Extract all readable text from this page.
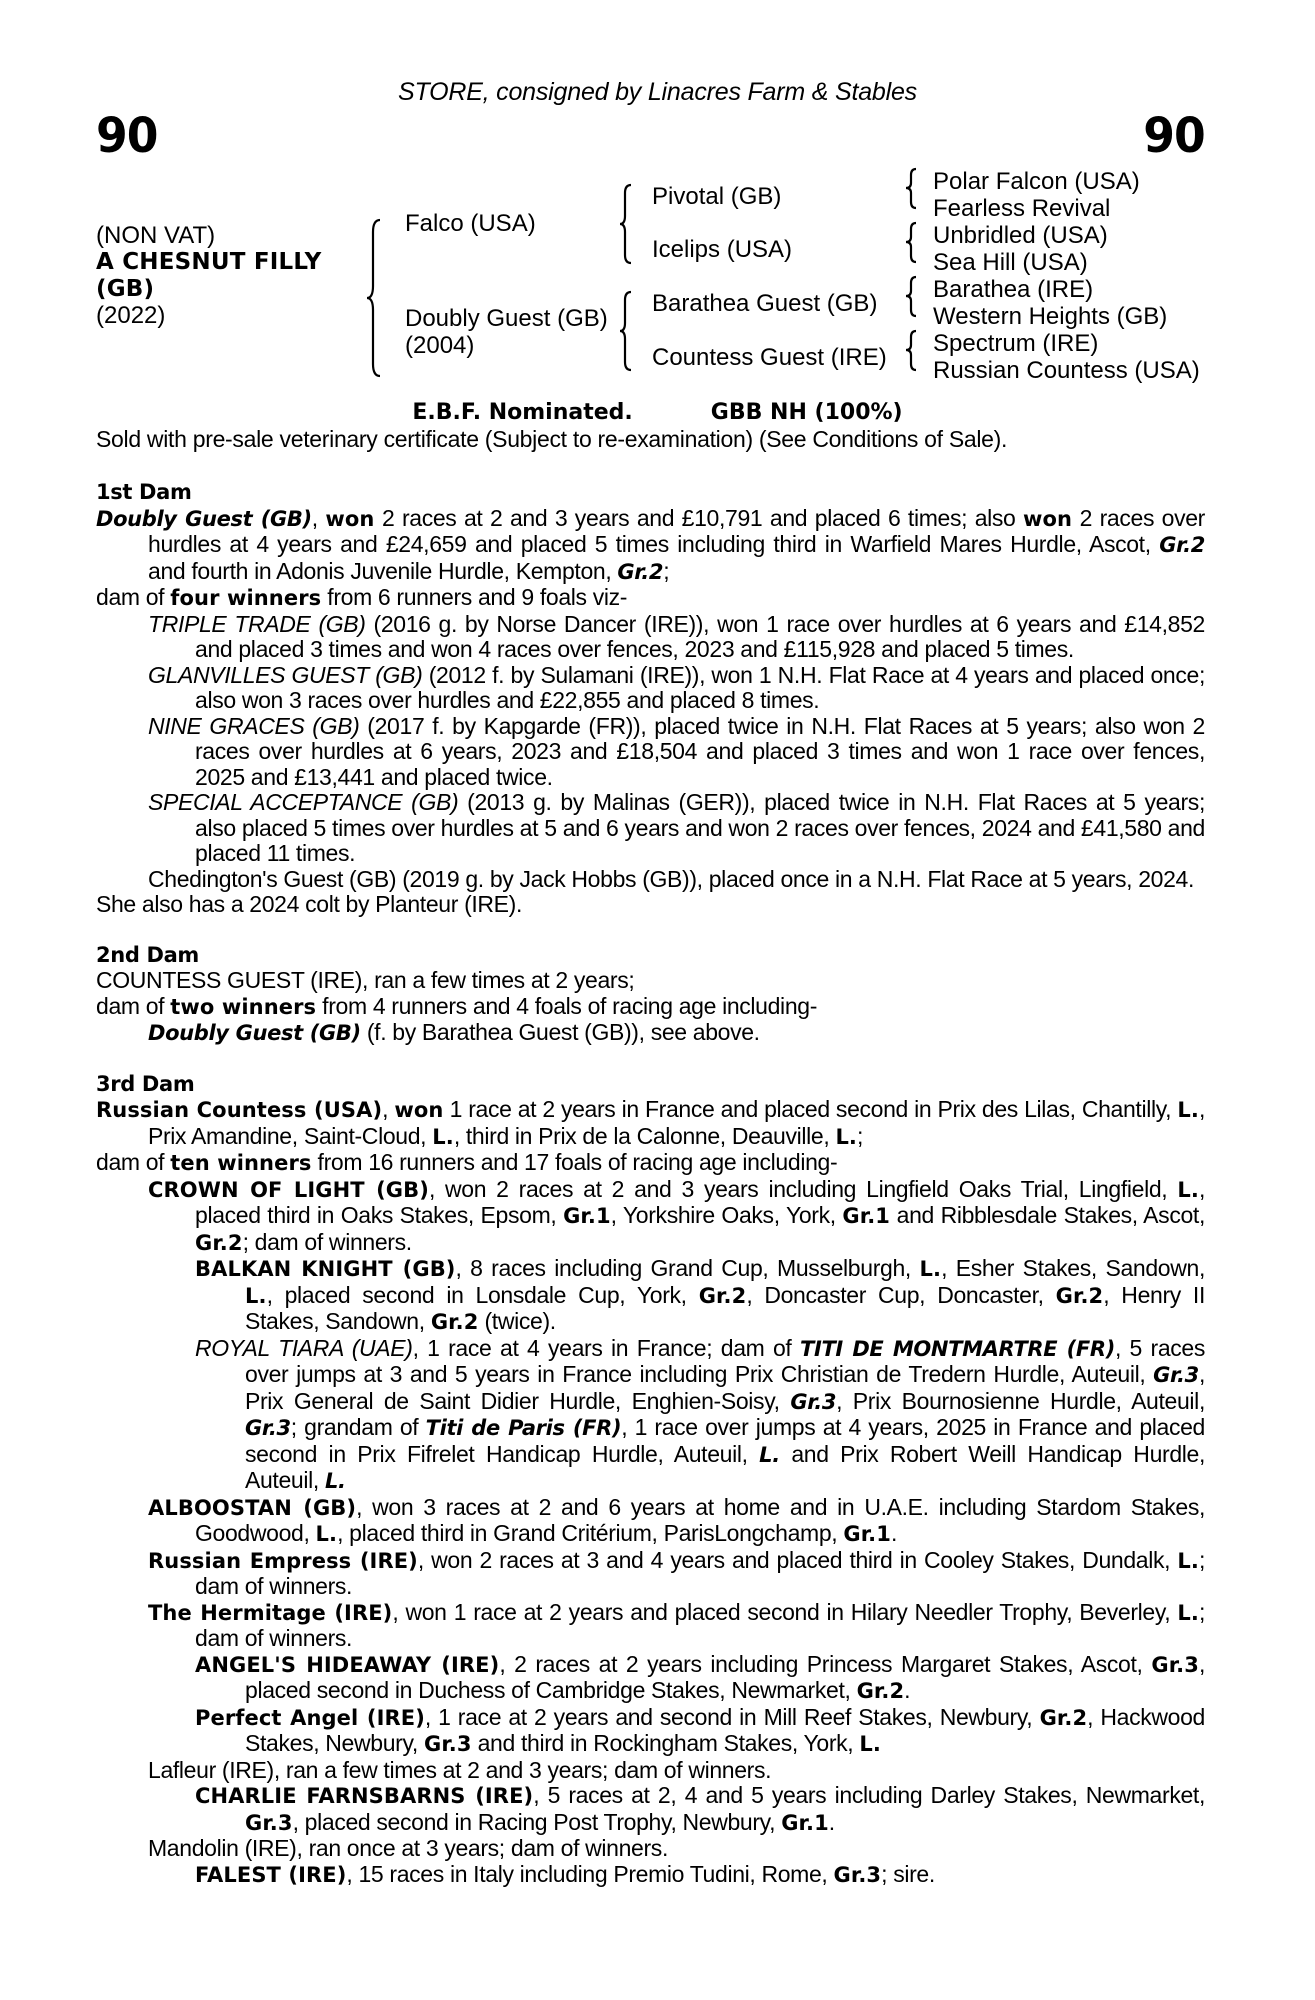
STORE, consigned by Linacres Farm & Stables
90	90
(NON VAT)
A CHESNUT FILLY
(GB)
(2022)
Falco (USA)
Doubly Guest (GB)
(2004)
Pivotal (GB)
Icelips (USA)
Barathea Guest (GB)
Countess Guest (IRE)
Polar Falcon (USA)
Fearless Revival
Unbridled (USA)
Sea Hill (USA)
Barathea (IRE)
Western Heights (GB)
Spectrum (IRE)
Russian Countess (USA)
E.B.F. Nominated.	GBB NH (100%)
Sold with pre-sale veterinary certificate (Subject to re-examination) (See Conditions of Sale).
1st Dam

Doubly Guest (GB), won 2 races at 2 and 3 years and £10,791 and placed 6 times; also won 2 races over hurdles at 4 years and £24,659 and placed 5 times including third in Warfield Mares Hurdle, Ascot, Gr.2 and fourth in Adonis Juvenile Hurdle, Kempton, Gr.2;

dam of four winners from 6 runners and 9 foals viz-

TRIPLE TRADE (GB) (2016 g. by Norse Dancer (IRE)), won 1 race over hurdles at 6 years and £14,852 and placed 3 times and won 4 races over fences, 2023 and £115,928 and placed 5 times.

GLANVILLES GUEST (GB) (2012 f. by Sulamani (IRE)), won 1 N.H. Flat Race at 4 years and placed once; also won 3 races over hurdles and £22,855 and placed 8 times.

NINE GRACES (GB) (2017 f. by Kapgarde (FR)), placed twice in N.H. Flat Races at 5 years; also won 2 races over hurdles at 6 years, 2023 and £18,504 and placed 3 times and won 1 race over fences, 2025 and £13,441 and placed twice.

SPECIAL ACCEPTANCE (GB) (2013 g. by Malinas (GER)), placed twice in N.H. Flat Races at 5 years; also placed 5 times over hurdles at 5 and 6 years and won 2 races over fences, 2024 and £41,580 and placed 11 times.

Chedington's Guest (GB) (2019 g. by Jack Hobbs (GB)), placed once in a N.H. Flat Race at 5 years, 2024.

She also has a 2024 colt by Planteur (IRE).

2nd Dam

COUNTESS GUEST (IRE), ran a few times at 2 years;

dam of two winners from 4 runners and 4 foals of racing age including-

Doubly Guest (GB) (f. by Barathea Guest (GB)), see above.

3rd Dam

Russian Countess (USA), won 1 race at 2 years in France and placed second in Prix des Lilas, Chantilly, L., Prix Amandine, Saint-Cloud, L., third in Prix de la Calonne, Deauville, L.;

dam of ten winners from 16 runners and 17 foals of racing age including-

CROWN OF LIGHT (GB), won 2 races at 2 and 3 years including Lingfield Oaks Trial, Lingfield, L., placed third in Oaks Stakes, Epsom, Gr.1, Yorkshire Oaks, York, Gr.1 and Ribblesdale Stakes, Ascot, Gr.2; dam of winners.

BALKAN KNIGHT (GB), 8 races including Grand Cup, Musselburgh, L., Esher Stakes, Sandown, L., placed second in Lonsdale Cup, York, Gr.2, Doncaster Cup, Doncaster, Gr.2, Henry II Stakes, Sandown, Gr.2 (twice).

ROYAL TIARA (UAE), 1 race at 4 years in France; dam of TITI DE MONTMARTRE (FR), 5 races over jumps at 3 and 5 years in France including Prix Christian de Tredern Hurdle, Auteuil, Gr.3, Prix General de Saint Didier Hurdle, Enghien-Soisy, Gr.3, Prix Bournosienne Hurdle, Auteuil, Gr.3; grandam of Titi de Paris (FR), 1 race over jumps at 4 years, 2025 in France and placed second in Prix Fifrelet Handicap Hurdle, Auteuil, L. and Prix Robert Weill Handicap Hurdle, Auteuil, L.

ALBOOSTAN (GB), won 3 races at 2 and 6 years at home and in U.A.E. including Stardom Stakes, Goodwood, L., placed third in Grand Critérium, ParisLongchamp, Gr.1.

Russian Empress (IRE), won 2 races at 3 and 4 years and placed third in Cooley Stakes, Dundalk, L.; dam of winners.

The Hermitage (IRE), won 1 race at 2 years and placed second in Hilary Needler Trophy, Beverley, L.; dam of winners.

ANGEL'S HIDEAWAY (IRE), 2 races at 2 years including Princess Margaret Stakes, Ascot, Gr.3, placed second in Duchess of Cambridge Stakes, Newmarket, Gr.2.

Perfect Angel (IRE), 1 race at 2 years and second in Mill Reef Stakes, Newbury, Gr.2, Hackwood Stakes, Newbury, Gr.3 and third in Rockingham Stakes, York, L.

Lafleur (IRE), ran a few times at 2 and 3 years; dam of winners.

CHARLIE FARNSBARNS (IRE), 5 races at 2, 4 and 5 years including Darley Stakes, Newmarket, Gr.3, placed second in Racing Post Trophy, Newbury, Gr.1.

Mandolin (IRE), ran once at 3 years; dam of winners.

FALEST (IRE), 15 races in Italy including Premio Tudini, Rome, Gr.3; sire.
